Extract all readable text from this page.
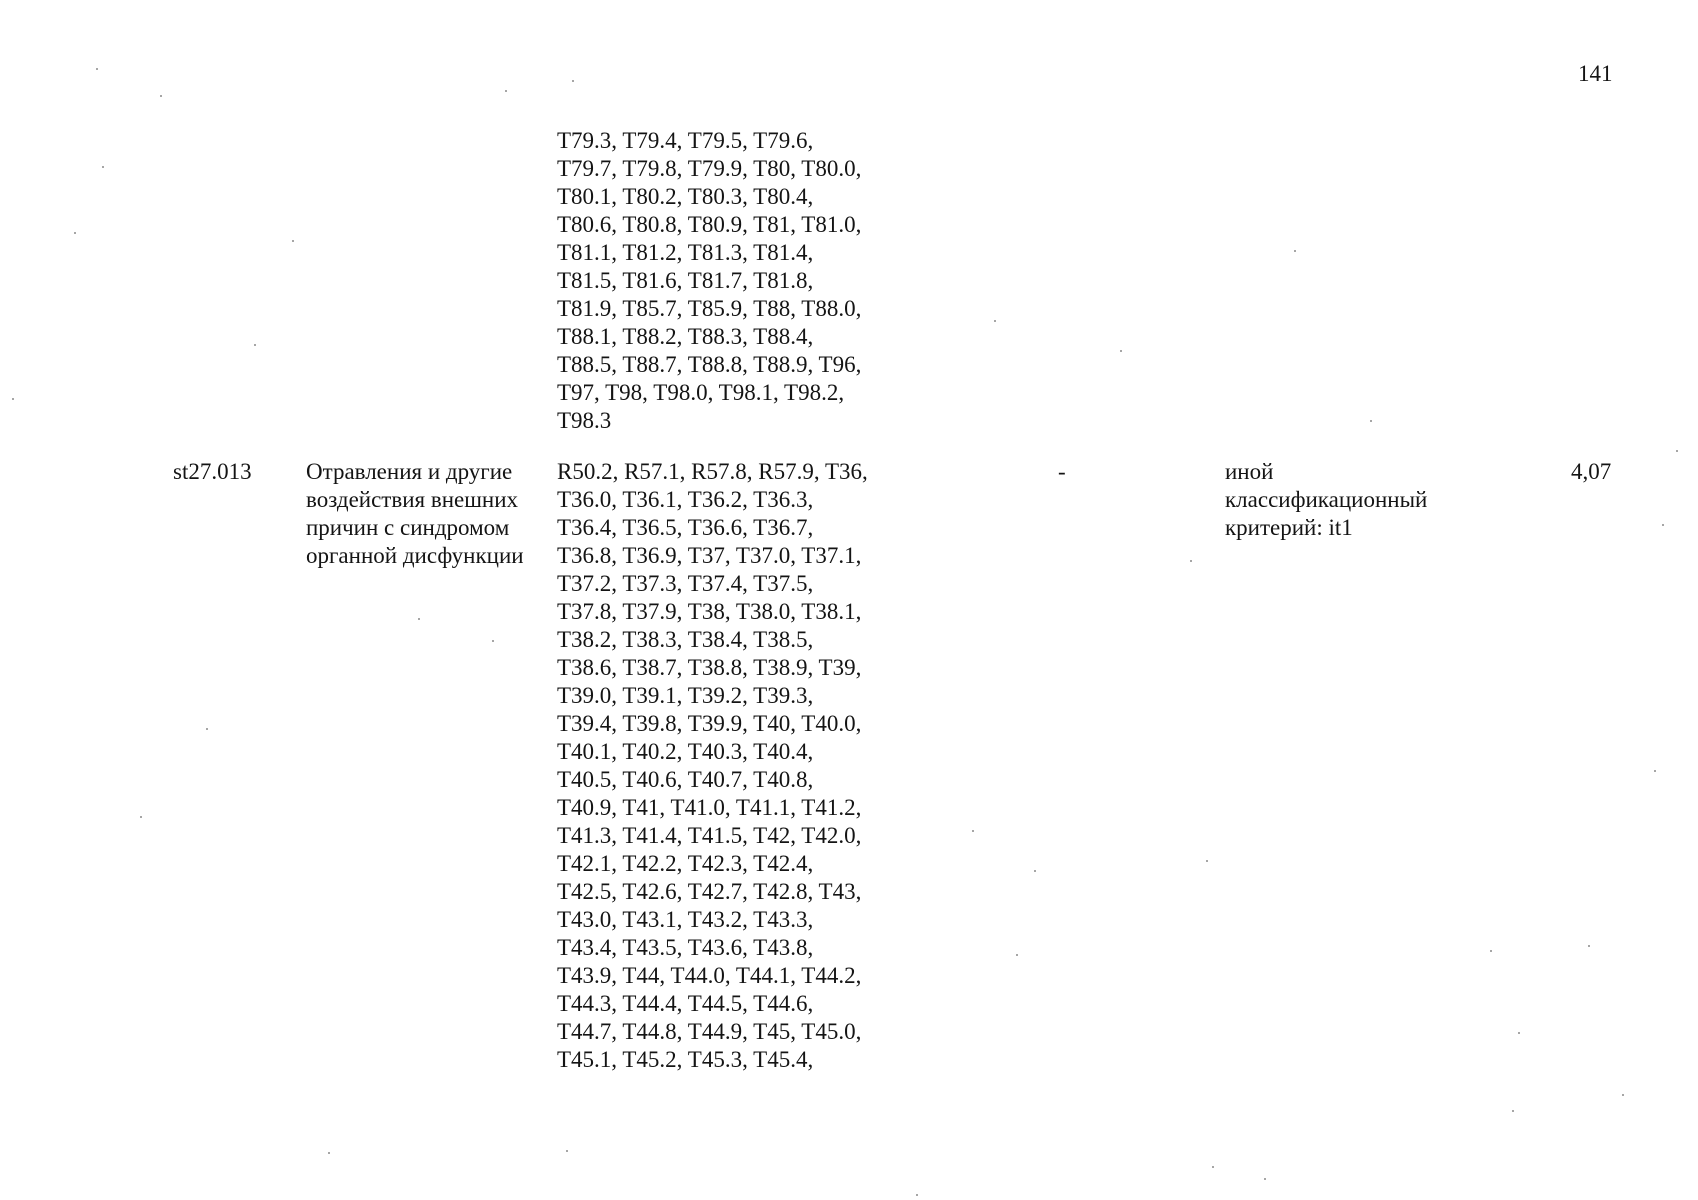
141
T79.3, T79.4, T79.5, T79.6,
T79.7, T79.8, T79.9, T80, T80.0,
T80.1, T80.2, T80.3, T80.4,
T80.6, T80.8, T80.9, T81, T81.0,
T81.1, T81.2, T81.3, T81.4,
T81.5, T81.6, T81.7, T81.8,
T81.9, T85.7, T85.9, T88, T88.0,
T88.1, T88.2, T88.3, T88.4,
T88.5, T88.7, T88.8, T88.9, T96,
T97, T98, T98.0, T98.1, T98.2,
T98.3
st27.013 Отравления и другие
воздействия внешних
причин с синдромом
органной дисфункции
R50.2, R57.1, R57.8, R57.9, T36,
T36.0, T36.1, T36.2, T36.3,
T36.4, T36.5, T36.6, T36.7,
T36.8, T36.9, T37, T37.0, T37.1,
T37.2, T37.3, T37.4, T37.5,
T37.8, T37.9, T38, T38.0, T38.1,
T38.2, T38.3, T38.4, T38.5,
T38.6, T38.7, T38.8, T38.9, T39,
T39.0, T39.1, T39.2, T39.3,
T39.4, T39.8, T39.9, T40, T40.0,
T40.1, T40.2, T40.3, T40.4,
T40.5, T40.6, T40.7, T40.8,
T40.9, T41, T41.0, T41.1, T41.2,
T41.3, T41.4, T41.5, T42, T42.0,
T42.1, T42.2, T42.3, T42.4,
T42.5, T42.6, T42.7, T42.8, T43,
T43.0, T43.1, T43.2, T43.3,
T43.4, T43.5, T43.6, T43.8,
T43.9, T44, T44.0, T44.1, T44.2,
T44.3, T44.4, T44.5, T44.6,
T44.7, T44.8, T44.9, T45, T45.0,
T45.1, T45.2, T45.3, T45.4,
-	иной
классификационный
критерий: it1
4,07
